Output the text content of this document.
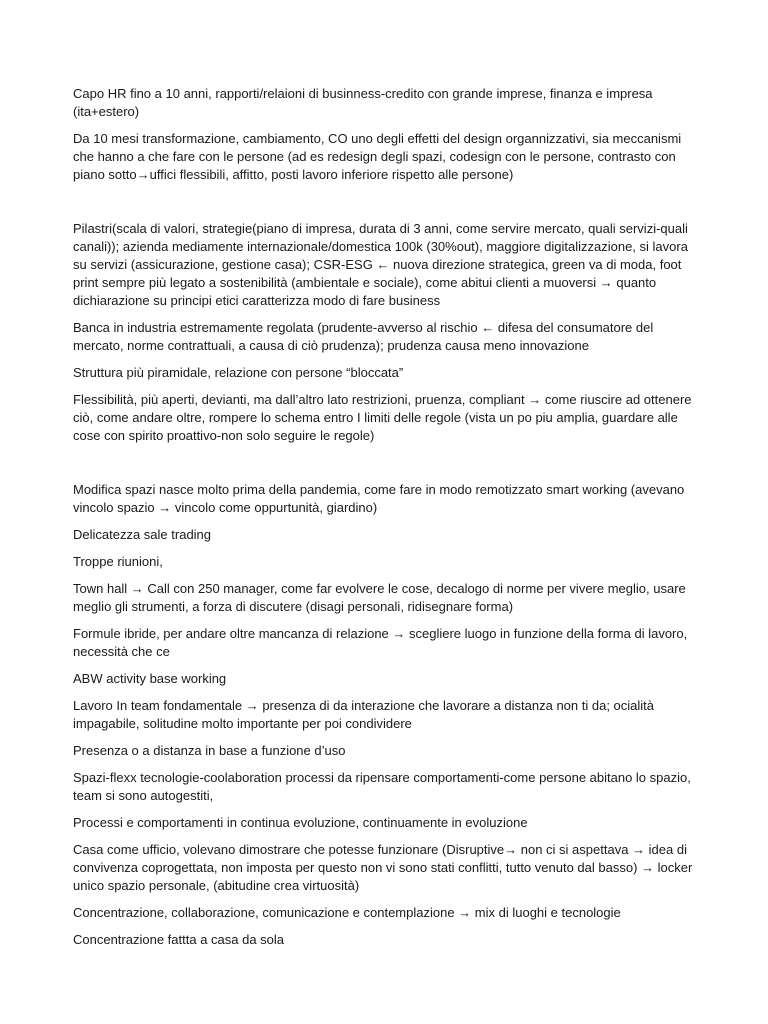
Capo HR fino a 10 anni, rapporti/relaioni di businness-credito con grande imprese, finanza e impresa (ita+estero)

Da 10 mesi transformazione, cambiamento, CO uno degli effetti del design organnizzativi, sia meccanismi che hanno a che fare con le persone (ad es redesign degli spazi, codesign con le persone, contrasto con piano sotto→uffici flessibili, affitto, posti lavoro inferiore rispetto alle persone)

Pilastri(scala di valori, strategie(piano di impresa, durata di 3 anni, come servire mercato, quali servizi-quali canali)); azienda mediamente internazionale/domestica 100k (30%out), maggiore digitalizzazione, si lavora su servizi (assicurazione, gestione casa); CSR-ESG ← nuova direzione strategica, green va di moda, foot print sempre più legato a sostenibilità (ambientale e sociale), come abitui clienti a muoversi → quanto dichiarazione su principi etici caratterizza modo di fare business

Banca in industria estremamente regolata (prudente-avverso al rischio ← difesa del consumatore del mercato, norme contrattuali, a causa di ciò prudenza); prudenza causa meno innovazione

Struttura più piramidale, relazione con persone “bloccata”

Flessibilità, più aperti, devianti, ma dall’altro lato restrizioni, pruenza, compliant → come riuscire ad ottenere ciò, come andare oltre, rompere lo schema entro I limiti delle regole (vista un po piu amplia, guardare alle cose con spirito proattivo-non solo seguire le regole)

Modifica spazi nasce molto prima della pandemia, come fare in modo remotizzato smart working (avevano vincolo spazio → vincolo come oppurtunità, giardino)

Delicatezza sale trading

Troppe riunioni,

Town hall → Call con 250 manager, come far evolvere le cose, decalogo di norme per vivere meglio, usare meglio gli strumenti, a forza di discutere (disagi personali, ridisegnare forma)

Formule ibride, per andare oltre mancanza di relazione → scegliere luogo in funzione della forma di lavoro, necessità che ce

ABW activity base working

Lavoro In team fondamentale → presenza di da interazione che lavorare a distanza non ti da; ocialità impagabile, solitudine molto importante per poi condividere

Presenza o a distanza in base a funzione d’uso

Spazi-flexx tecnologie-coolaboration processi da ripensare comportamenti-come persone abitano lo spazio, team si sono autogestiti,

Processi e comportamenti in continua evoluzione, continuamente in evoluzione

Casa come ufficio, volevano dimostrare che potesse funzionare (Disruptive→ non ci si aspettava → idea di convivenza coprogettata, non imposta per questo non vi sono stati conflitti, tutto venuto dal basso) → locker unico spazio personale, (abitudine crea virtuosità)

Concentrazione, collaborazione, comunicazione e contemplazione → mix di luoghi e tecnologie

Concentrazione fattta a casa da sola
